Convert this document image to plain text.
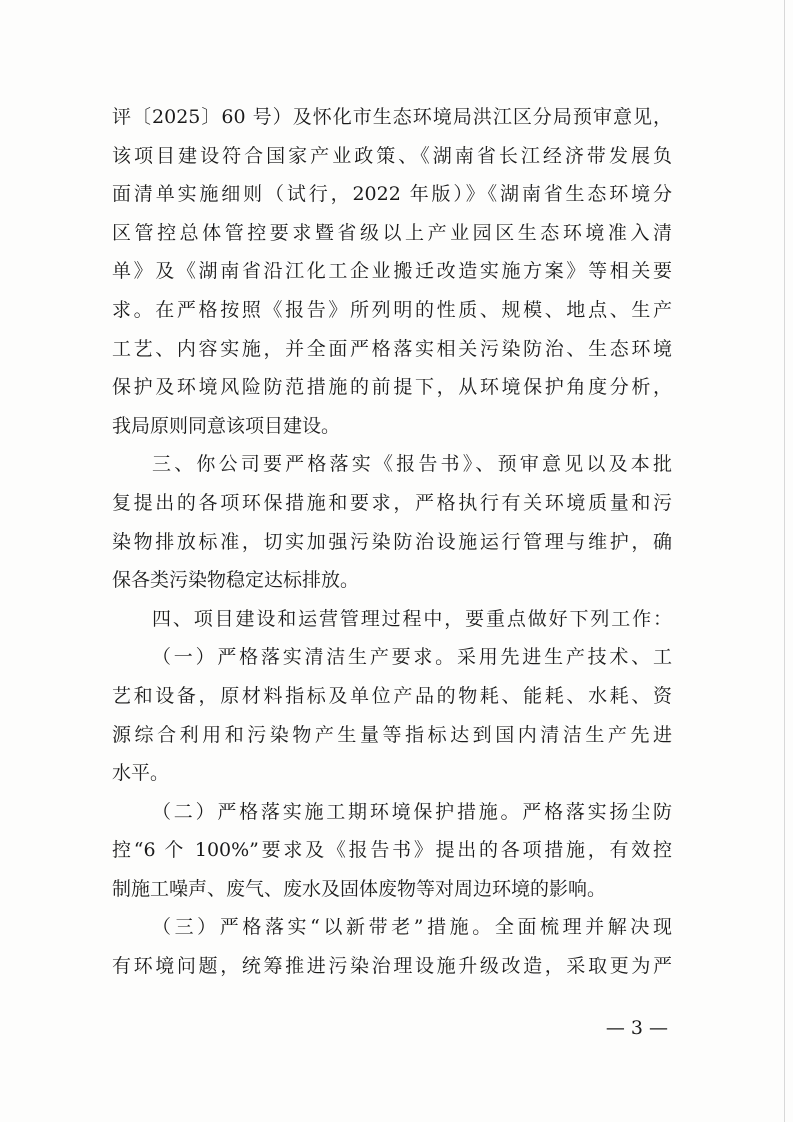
评〔2025〕60 号）及怀化市生态环境局洪江区分局预审意见，
该项目建设符合国家产业政策、《湖南省长江经济带发展负
面清单实施细则（试行，2022 年版）》《湖南省生态环境分
区管控总体管控要求暨省级以上产业园区生态环境准入清
单》及《湖南省沿江化工企业搬迁改造实施方案》等相关要
求。在严格按照《报告》所列明的性质、规模、地点、生产
工艺、内容实施，并全面严格落实相关污染防治、生态环境
保护及环境风险防范措施的前提下，从环境保护角度分析，
我局原则同意该项目建设。
三、你公司要严格落实《报告书》、预审意见以及本批
复提出的各项环保措施和要求，严格执行有关环境质量和污
染物排放标准，切实加强污染防治设施运行管理与维护，确
保各类污染物稳定达标排放。
四、项目建设和运营管理过程中，要重点做好下列工作：
（一）严格落实清洁生产要求。采用先进生产技术、工
艺和设备，原材料指标及单位产品的物耗、能耗、水耗、资
源综合利用和污染物产生量等指标达到国内清洁生产先进
水平。
（二）严格落实施工期环境保护措施。严格落实扬尘防
控“6 个 100%”要求及《报告书》提出的各项措施，有效控
制施工噪声、废气、废水及固体废物等对周边环境的影响。
（三）严格落实“以新带老”措施。全面梳理并解决现
有环境问题，统筹推进污染治理设施升级改造，采取更为严
— 3 —
